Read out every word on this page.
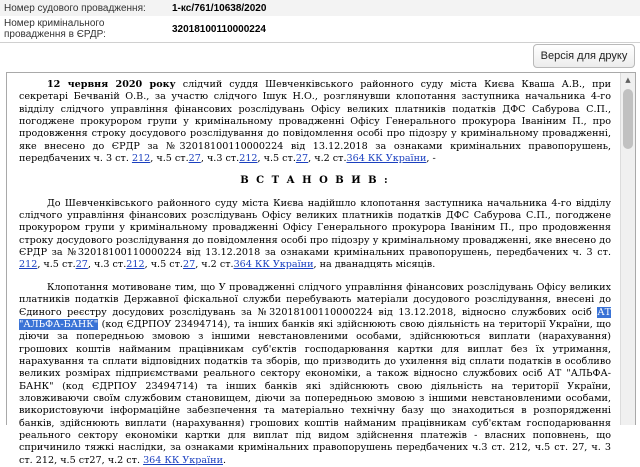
Номер судового провадження:	1-кс/761/10638/2020
Номер кримінального провадження в ЄРДР:	32018100110000224
Версія для друку

12 червня 2020 року слідчий суддя Шевченківського районного суду міста Києва Кваша А.В., при секретарі Бечваній О.В., за участю слідчого Ішук Н.О., розглянувши клопотання заступника начальника 4-го відділу слідчого управління фінансових розслідувань Офісу великих платників податків ДФС Сабурова С.П., погоджене прокурором групи у кримінальному провадженні Офісу Генерального прокурора Іваніним П., про продовження строку досудового розслідування до повідомлення особі про підозру у кримінальному провадженні, яке внесено до ЄРДР за №32018100110000224 від 13.12.2018 за ознаками кримінальних правопорушень, передбачених ч. 3 ст. 212, ч.5 ст.27, ч.3 ст.212, ч.5 ст.27, ч.2 ст.364 КК України, -

В С Т А Н О В И В :

До Шевченківського районного суду міста Києва надійшло клопотання заступника начальника 4-го відділу слідчого управління фінансових розслідувань Офісу великих платників податків ДФС Сабурова С.П., погоджене прокурором групи у кримінальному провадженні Офісу Генерального прокурора Іваніним П., про продовження строку досудового розслідування до повідомлення особі про підозру у кримінальному провадженні, яке внесено до ЄРДР за №32018100110000224 від 13.12.2018 за ознаками кримінальних правопорушень, передбачених ч. 3 ст. 212, ч.5 ст.27, ч.3 ст.212, ч.5 ст.27, ч.2 ст.364 КК України, на дванадцять місяців.

Клопотання мотивоване тим, що У провадженні слідчого управління фінансових розслідувань Офісу великих платників податків Державної фіскальної служби перебувають матеріали досудового розслідування, внесені до Єдиного реєстру досудових розслідувань за №32018100110000224 від 13.12.2018, відносно службових осіб АТ "АЛЬФА-БАНК" (код ЄДРПОУ 23494714), та інших банків які здійснюють свою діяльність на території України, що діючи за попередньою змовою з іншими невстановленими особами, здійснюються виплати (нарахування) грошових коштів найманим працівникам суб'єктів господарювання картки для виплат без їх утримання, нарахування та сплати відповідних податків та зборів, що призводить до ухилення від сплати податків в особливо великих розмірах підприємствами реального сектору економіки, а також відносно службових осіб АТ "АЛЬФА-БАНК" (код ЄДРПОУ 23494714) та інших банків які здійснюють свою діяльність на території України, зловживаючи своїм службовим становищем, діючи за попередньою змовою з іншими невстановленими особами, використовуючи інформаційне забезпечення та матеріально технічну базу що знаходиться в розпорядженні банків, здійснюють виплати (нарахування) грошових коштів найманим працівникам суб'єктам господарювання реального сектору економіки картки для виплат під видом здійснення платежів - власних поповнень, що спричинило тяжкі наслідки, за ознаками кримінальних правопорушень передбачених ч.3 ст. 212, ч.5 ст. 27, ч. 3 ст. 212, ч.5 ст27, ч.2 ст. 364 КК України.

▲
